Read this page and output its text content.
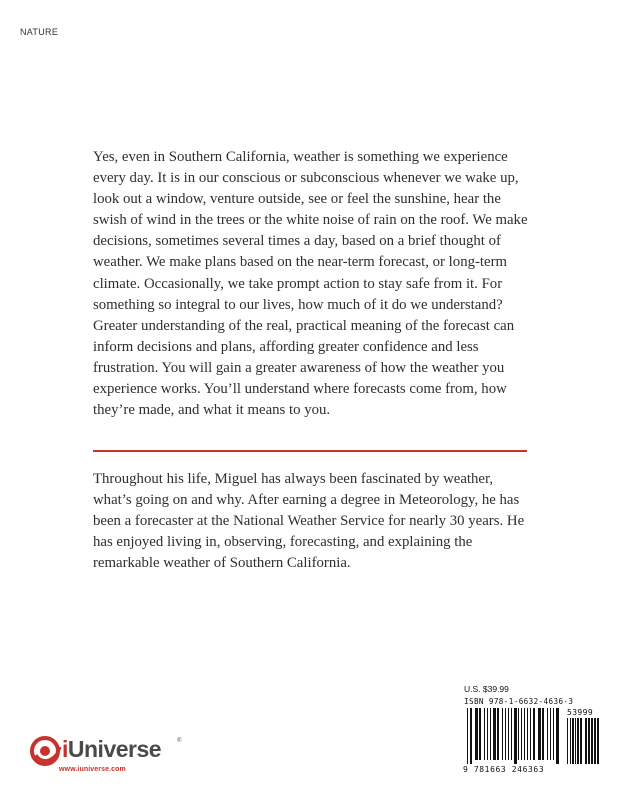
NATURE

Yes, even in Southern California, weather is something we experience every day. It is in our conscious or subconscious whenever we wake up, look out a window, venture outside, see or feel the sunshine, hear the swish of wind in the trees or the white noise of rain on the roof. We make decisions, sometimes several times a day, based on a brief thought of weather. We make plans based on the near-term forecast, or long-term climate. Occasionally, we take prompt action to stay safe from it. For something so integral to our lives, how much of it do we understand? Greater understanding of the real, practical meaning of the forecast can inform decisions and plans, affording greater confidence and less frustration. You will gain a greater awareness of how the weather you experience works. You’ll understand where forecasts come from, how they’re made, and what it means to you.

Throughout his life, Miguel has always been fascinated by weather, what’s going on and why. After earning a degree in Meteorology, he has been a forecaster at the National Weather Service for nearly 30 years. He has enjoyed living in, observing, forecasting, and explaining the remarkable weather of Southern California.

iUniverse	®
www.iuniverse.com
U.S. $39.99
ISBN 978-1-6632-4636-3
53999
9 781663 246363
